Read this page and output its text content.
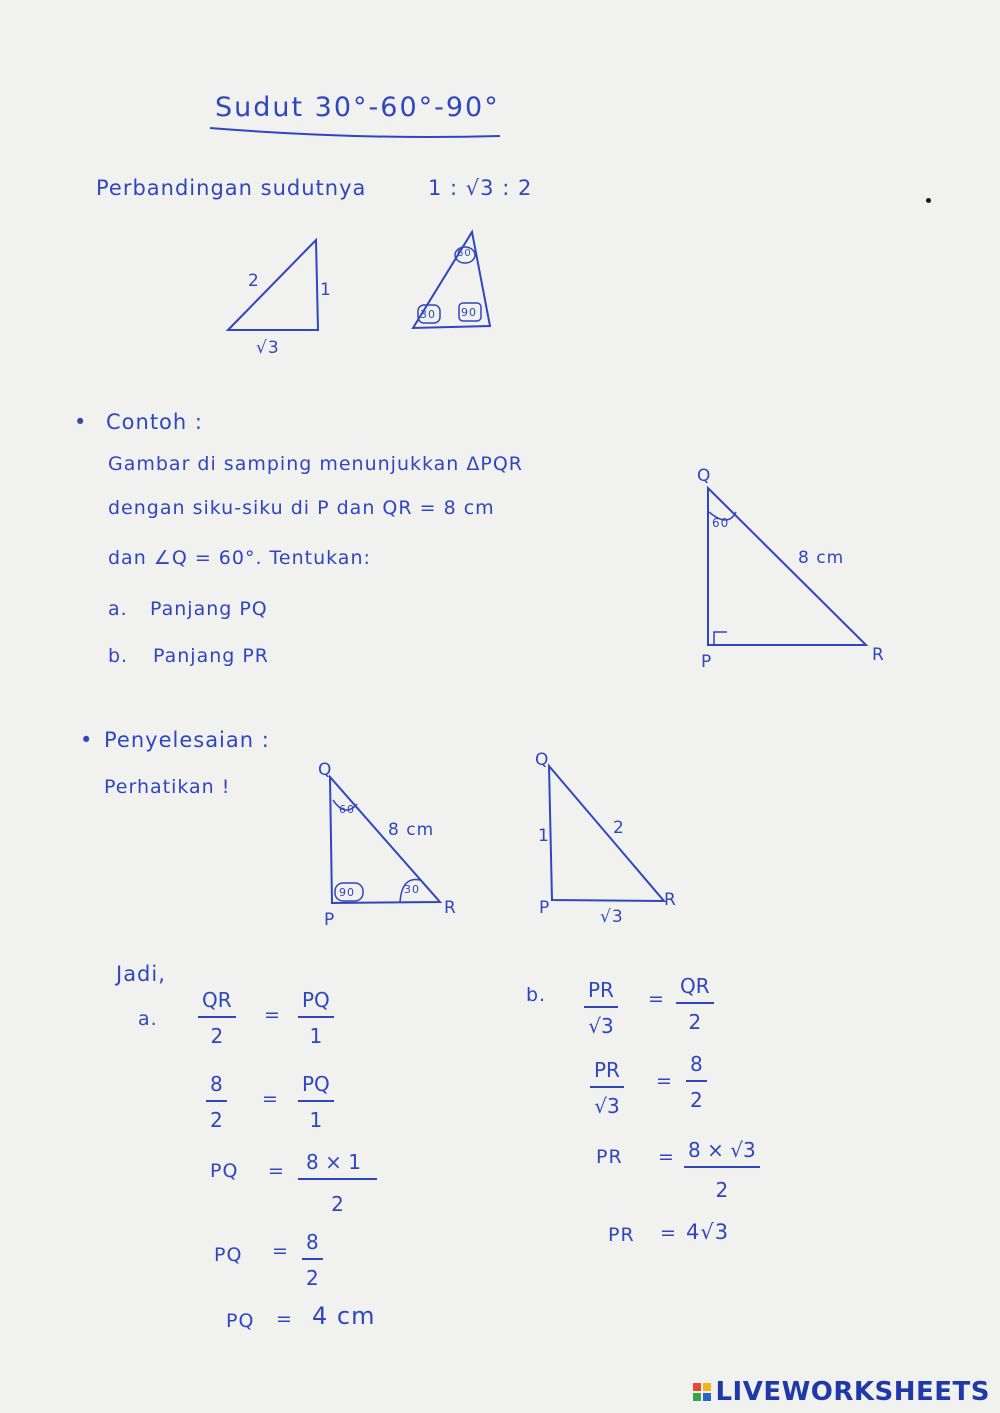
Sudut 30°-60°-90°
Perbandingan sudutnya	1 : √3 : 2
2	1
√3
60
30 90
• Contoh :
Gambar di samping menunjukkan ΔPQR
dengan siku-siku di P dan QR = 8 cm
dan ∠Q = 60°. Tentukan:
a. Panjang PQ
b. Panjang PR
Q
P	R
60
8 cm
• Penyelesaian :
Perhatikan !
Q
P
R
60
90	30
8 cm
Q
P	R
1	2
√3
Jadi,
a. $\frac{QR}{2} = \frac{PQ}{1}$
$\frac{8}{2} = \frac{PQ}{1}$
PQ = $\frac{8 \times 1}{2}$
PQ = $\frac{8}{2}$
PQ = 4 cm
b. $\frac{PR}{√3} = \frac{QR}{2}$
$\frac{PR}{√3} = \frac{8}{2}$
PR = $\frac{8 \times √3}{2}$
PR = 4√3
LIVEWORKSHEETS
